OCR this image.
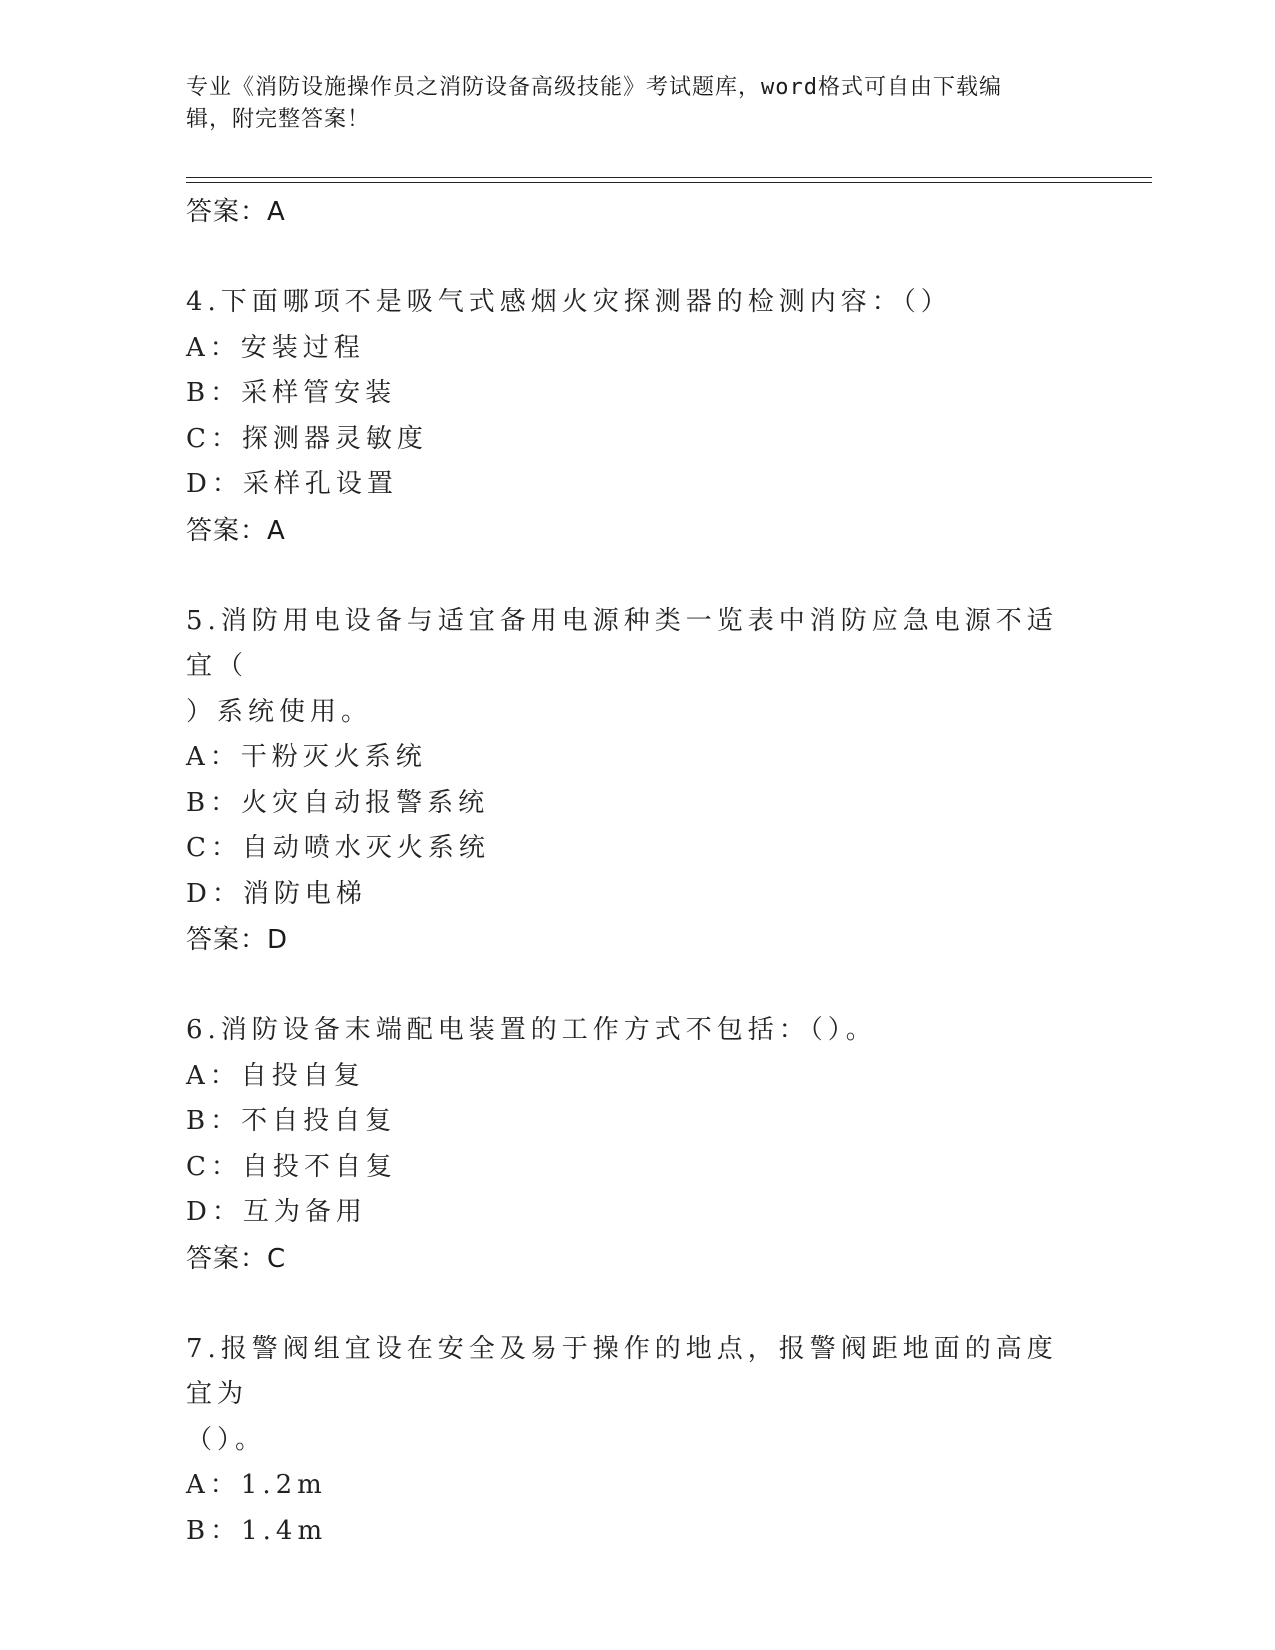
专业《消防设施操作员之消防设备高级技能》考试题库，word格式可自由下载编
辑，附完整答案！
答案：A
4.下面哪项不是吸气式感烟火灾探测器的检测内容：（）
A：安装过程
B：采样管安装
C：探测器灵敏度
D：采样孔设置
答案：A
5.消防用电设备与适宜备用电源种类一览表中消防应急电源不适宜（
）系统使用。
A：干粉灭火系统
B：火灾自动报警系统
C：自动喷水灭火系统
D：消防电梯
答案：D
6.消防设备末端配电装置的工作方式不包括：（）。
A：自投自复
B：不自投自复
C：自投不自复
D：互为备用
答案：C
7.报警阀组宜设在安全及易于操作的地点，报警阀距地面的高度宜为
（）。
A：1.2m
B：1.4m
